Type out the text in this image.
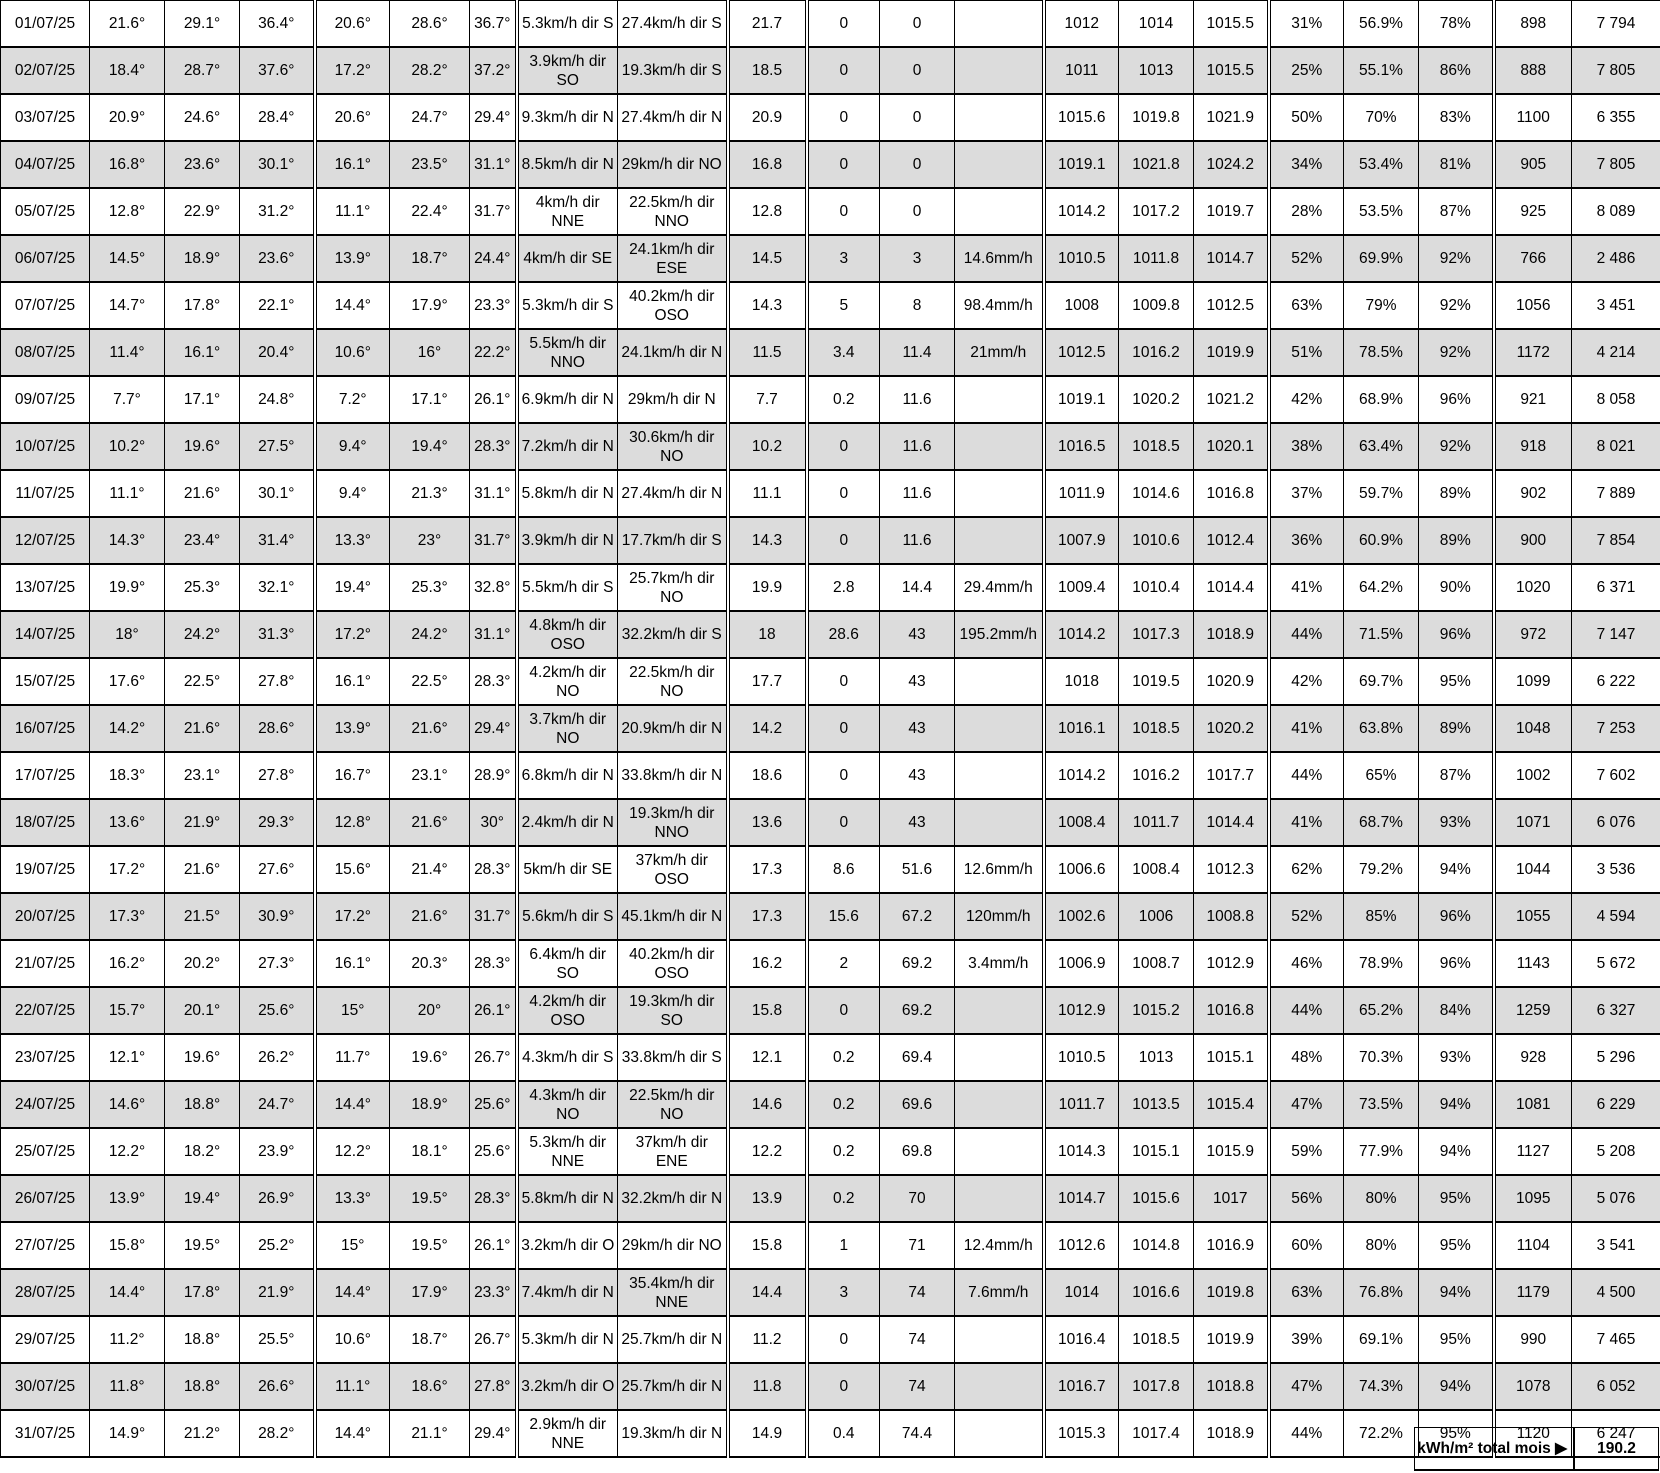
01/07/25	21.6°	29.1°	36.4°	20.6°	28.6°	36.7°	5.3km/h dir S	27.4km/h dir S	21.7	0	0		1012	1014	1015.5	31%	56.9%	78%	898	7 794
02/07/25	18.4°	28.7°	37.6°	17.2°	28.2°	37.2°	3.9km/h dir SO	19.3km/h dir S	18.5	0	0		1011	1013	1015.5	25%	55.1%	86%	888	7 805
03/07/25	20.9°	24.6°	28.4°	20.6°	24.7°	29.4°	9.3km/h dir N	27.4km/h dir N	20.9	0	0		1015.6	1019.8	1021.9	50%	70%	83%	1100	6 355
04/07/25	16.8°	23.6°	30.1°	16.1°	23.5°	31.1°	8.5km/h dir N	29km/h dir NO	16.8	0	0		1019.1	1021.8	1024.2	34%	53.4%	81%	905	7 805
05/07/25	12.8°	22.9°	31.2°	11.1°	22.4°	31.7°	4km/h dir NNE	22.5km/h dir NNO	12.8	0	0		1014.2	1017.2	1019.7	28%	53.5%	87%	925	8 089
06/07/25	14.5°	18.9°	23.6°	13.9°	18.7°	24.4°	4km/h dir SE	24.1km/h dir ESE	14.5	3	3	14.6mm/h	1010.5	1011.8	1014.7	52%	69.9%	92%	766	2 486
07/07/25	14.7°	17.8°	22.1°	14.4°	17.9°	23.3°	5.3km/h dir S	40.2km/h dir OSO	14.3	5	8	98.4mm/h	1008	1009.8	1012.5	63%	79%	92%	1056	3 451
08/07/25	11.4°	16.1°	20.4°	10.6°	16°	22.2°	5.5km/h dir NNO	24.1km/h dir N	11.5	3.4	11.4	21mm/h	1012.5	1016.2	1019.9	51%	78.5%	92%	1172	4 214
09/07/25	7.7°	17.1°	24.8°	7.2°	17.1°	26.1°	6.9km/h dir N	29km/h dir N	7.7	0.2	11.6		1019.1	1020.2	1021.2	42%	68.9%	96%	921	8 058
10/07/25	10.2°	19.6°	27.5°	9.4°	19.4°	28.3°	7.2km/h dir N	30.6km/h dir NO	10.2	0	11.6		1016.5	1018.5	1020.1	38%	63.4%	92%	918	8 021
11/07/25	11.1°	21.6°	30.1°	9.4°	21.3°	31.1°	5.8km/h dir N	27.4km/h dir N	11.1	0	11.6		1011.9	1014.6	1016.8	37%	59.7%	89%	902	7 889
12/07/25	14.3°	23.4°	31.4°	13.3°	23°	31.7°	3.9km/h dir N	17.7km/h dir S	14.3	0	11.6		1007.9	1010.6	1012.4	36%	60.9%	89%	900	7 854
13/07/25	19.9°	25.3°	32.1°	19.4°	25.3°	32.8°	5.5km/h dir S	25.7km/h dir NO	19.9	2.8	14.4	29.4mm/h	1009.4	1010.4	1014.4	41%	64.2%	90%	1020	6 371
14/07/25	18°	24.2°	31.3°	17.2°	24.2°	31.1°	4.8km/h dir OSO	32.2km/h dir S	18	28.6	43	195.2mm/h	1014.2	1017.3	1018.9	44%	71.5%	96%	972	7 147
15/07/25	17.6°	22.5°	27.8°	16.1°	22.5°	28.3°	4.2km/h dir NO	22.5km/h dir NO	17.7	0	43		1018	1019.5	1020.9	42%	69.7%	95%	1099	6 222
16/07/25	14.2°	21.6°	28.6°	13.9°	21.6°	29.4°	3.7km/h dir NO	20.9km/h dir N	14.2	0	43		1016.1	1018.5	1020.2	41%	63.8%	89%	1048	7 253
17/07/25	18.3°	23.1°	27.8°	16.7°	23.1°	28.9°	6.8km/h dir N	33.8km/h dir N	18.6	0	43		1014.2	1016.2	1017.7	44%	65%	87%	1002	7 602
18/07/25	13.6°	21.9°	29.3°	12.8°	21.6°	30°	2.4km/h dir N	19.3km/h dir NNO	13.6	0	43		1008.4	1011.7	1014.4	41%	68.7%	93%	1071	6 076
19/07/25	17.2°	21.6°	27.6°	15.6°	21.4°	28.3°	5km/h dir SE	37km/h dir OSO	17.3	8.6	51.6	12.6mm/h	1006.6	1008.4	1012.3	62%	79.2%	94%	1044	3 536
20/07/25	17.3°	21.5°	30.9°	17.2°	21.6°	31.7°	5.6km/h dir S	45.1km/h dir N	17.3	15.6	67.2	120mm/h	1002.6	1006	1008.8	52%	85%	96%	1055	4 594
21/07/25	16.2°	20.2°	27.3°	16.1°	20.3°	28.3°	6.4km/h dir SO	40.2km/h dir OSO	16.2	2	69.2	3.4mm/h	1006.9	1008.7	1012.9	46%	78.9%	96%	1143	5 672
22/07/25	15.7°	20.1°	25.6°	15°	20°	26.1°	4.2km/h dir OSO	19.3km/h dir SO	15.8	0	69.2		1012.9	1015.2	1016.8	44%	65.2%	84%	1259	6 327
23/07/25	12.1°	19.6°	26.2°	11.7°	19.6°	26.7°	4.3km/h dir S	33.8km/h dir S	12.1	0.2	69.4		1010.5	1013	1015.1	48%	70.3%	93%	928	5 296
24/07/25	14.6°	18.8°	24.7°	14.4°	18.9°	25.6°	4.3km/h dir NO	22.5km/h dir NO	14.6	0.2	69.6		1011.7	1013.5	1015.4	47%	73.5%	94%	1081	6 229
25/07/25	12.2°	18.2°	23.9°	12.2°	18.1°	25.6°	5.3km/h dir NNE	37km/h dir ENE	12.2	0.2	69.8		1014.3	1015.1	1015.9	59%	77.9%	94%	1127	5 208
26/07/25	13.9°	19.4°	26.9°	13.3°	19.5°	28.3°	5.8km/h dir N	32.2km/h dir N	13.9	0.2	70		1014.7	1015.6	1017	56%	80%	95%	1095	5 076
27/07/25	15.8°	19.5°	25.2°	15°	19.5°	26.1°	3.2km/h dir O	29km/h dir NO	15.8	1	71	12.4mm/h	1012.6	1014.8	1016.9	60%	80%	95%	1104	3 541
28/07/25	14.4°	17.8°	21.9°	14.4°	17.9°	23.3°	7.4km/h dir N	35.4km/h dir NNE	14.4	3	74	7.6mm/h	1014	1016.6	1019.8	63%	76.8%	94%	1179	4 500
29/07/25	11.2°	18.8°	25.5°	10.6°	18.7°	26.7°	5.3km/h dir N	25.7km/h dir N	11.2	0	74		1016.4	1018.5	1019.9	39%	69.1%	95%	990	7 465
30/07/25	11.8°	18.8°	26.6°	11.1°	18.6°	27.8°	3.2km/h dir O	25.7km/h dir N	11.8	0	74		1016.7	1017.8	1018.8	47%	74.3%	94%	1078	6 052
31/07/25	14.9°	21.2°	28.2°	14.4°	21.1°	29.4°	2.9km/h dir NNE	19.3km/h dir N	14.9	0.4	74.4		1015.3	1017.4	1018.9	44%	72.2%	95%	1120	6 247
kWh/m² total mois ▶	190.2
